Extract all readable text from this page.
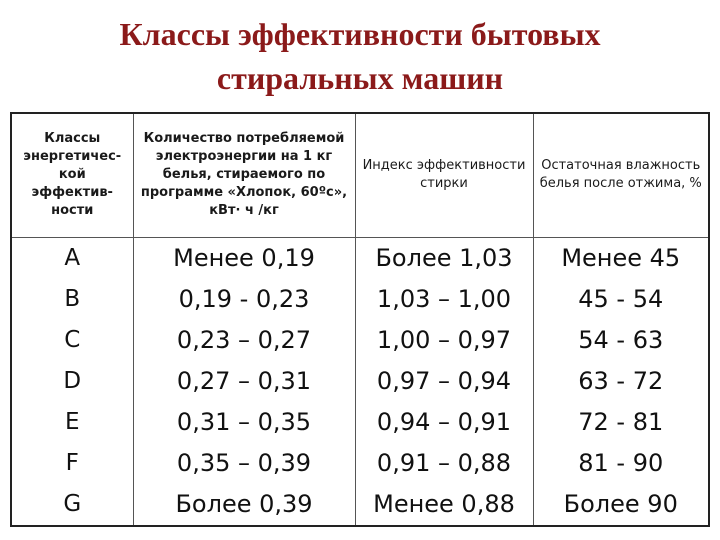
Классы эффективности бытовых
стиральных машин
Классы энергетичес-кой эффектив-ности	Количество потребляемой электроэнергии на 1 кг белья, стираемого по программе «Хлопок, 60ºс», кВт· ч /кг	Индекс эффективности стирки	Остаточная влажность белья после отжима, %
A	Менее 0,19	Более 1,03	Менее 45
B	0,19 - 0,23	1,03 – 1,00	45 - 54
C	0,23 – 0,27	1,00 – 0,97	54 - 63
D	0,27 – 0,31	0,97 – 0,94	63 - 72
E	0,31 – 0,35	0,94 – 0,91	72 - 81
F	0,35 – 0,39	0,91 – 0,88	81 - 90
G	Более 0,39	Менее 0,88	Более 90
